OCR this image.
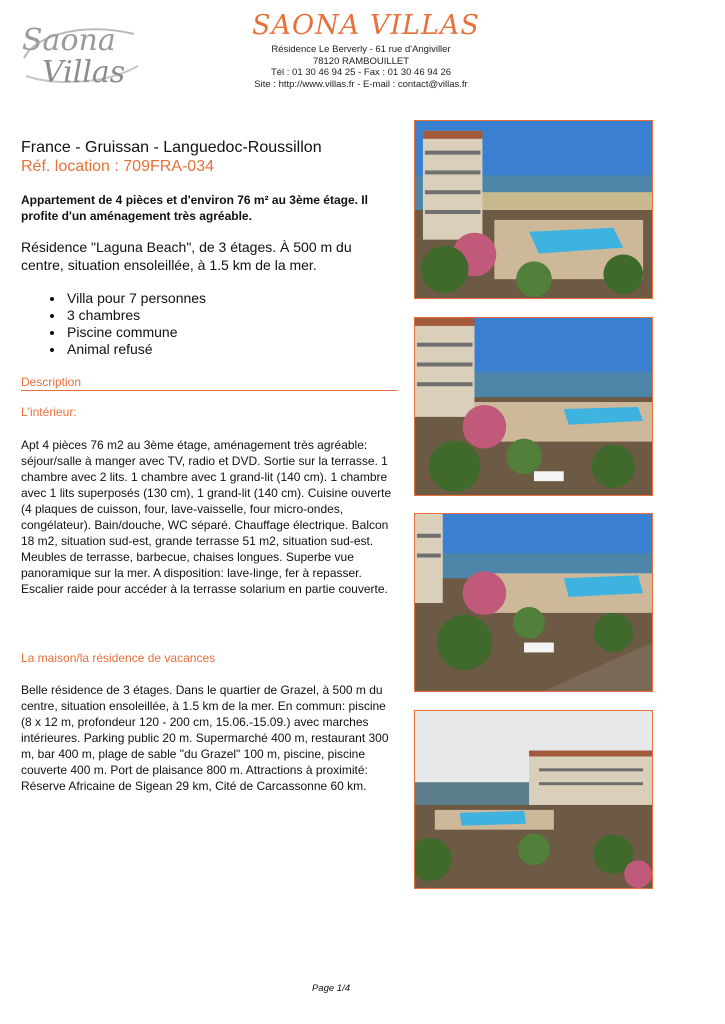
Saona
Villas
SAONA VILLAS
Résidence Le Berverly - 61 rue d'Angiviller
78120 RAMBOUILLET
Tél : 01 30 46 94 25 - Fax : 01 30 46 94 26
Site : http://www.villas.fr - E-mail : contact@villas.fr
France - Gruissan - Languedoc-Roussillon
Réf. location : 709FRA-034
Appartement de 4 pièces et d'environ 76 m² au 3ème étage. Il profite d'un aménagement très agréable.
Résidence "Laguna Beach", de 3 étages. À 500 m du centre, situation ensoleillée, à 1.5 km de la mer.
• Villa pour 7 personnes
• 3 chambres
• Piscine commune
• Animal refusé
Description
L'intérieur:
Apt 4 pièces 76 m2 au 3ème étage, aménagement très agréable: séjour/salle à manger avec TV, radio et DVD. Sortie sur la terrasse. 1 chambre avec 2 lits. 1 chambre avec 1 grand-lit (140 cm). 1 chambre avec 1 lits superposés (130 cm), 1 grand-lit (140 cm). Cuisine ouverte (4 plaques de cuisson, four, lave-vaisselle, four micro-ondes, congélateur). Bain/douche, WC séparé. Chauffage électrique. Balcon 18 m2, situation sud-est, grande terrasse 51 m2, situation sud-est. Meubles de terrasse, barbecue, chaises longues. Superbe vue panoramique sur la mer. A disposition: lave-linge, fer à repasser. Escalier raide pour accéder à la terrasse solarium en partie couverte.
La maison/la résidence de vacances
Belle résidence de 3 étages. Dans le quartier de Grazel, à 500 m du centre, situation ensoleillée, à 1.5 km de la mer. En commun: piscine (8 x 12 m, profondeur 120 - 200 cm, 15.06.-15.09.) avec marches intérieures. Parking public 20 m. Supermarché 400 m, restaurant 300 m, bar 400 m, plage de sable "du Grazel" 100 m, piscine, piscine couverte 400 m. Port de plaisance 800 m. Attractions à proximité: Réserve Africaine de Sigean 29 km, Cité de Carcassonne 60 km.
Page 1/4
